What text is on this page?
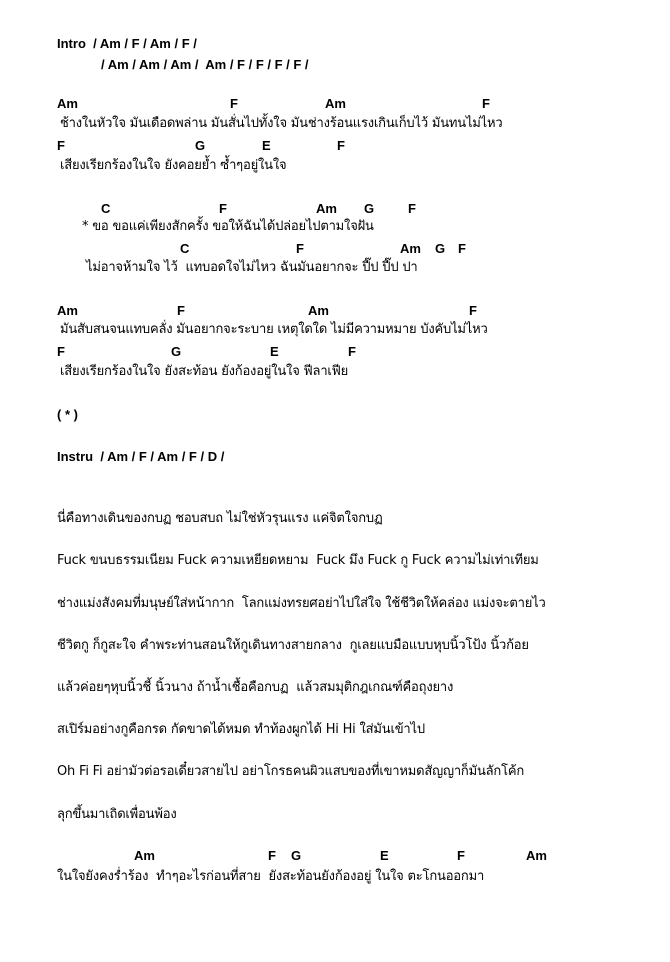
Intro  / Am / F / Am / F /
/ Am / Am / Am /  Am / F / F / F / F /

Am

	F

	Am

	F

ช้างในหัวใจ มันเดือดพล่าน มันสั่นไปทั้งใจ มันช่างร้อนแรงเกินเก็บไว้ มันทนไม่ไหว

F

	G

	E

	F

เสียงเรียกร้องในใจ ยังคอยย้ำ ซ้ำๆอยู่ในใจ

C

	F

	Am

G

	F

* ขอ ขอแค่เพียงสักครั้ง ขอให้ฉันได้ปล่อยไปตามใจฝัน

C

	F

	Am

G

F

ไม่อาจห้ามใจ ไว้  แทบอดใจไม่ไหว ฉันมันอยากจะ ปี๊ป ปี๊ป ปา

Am

	F

	Am

	F

มันสับสนจนแทบคลั่ง มันอยากจะระบาย เหตุใดใด ไม่มีความหมาย บังคับไม่ไหว

F

	G

	E

	F

เสียงเรียกร้องในใจ ยังสะท้อน ยังก้องอยู่ในใจ ฟีลาเฟีย
( * )
Instru  / Am / F / Am / F / D /
นี่คือทางเดินของกบฏ ชอบสบถ ไม่ใช่หัวรุนแรง แค่จิตใจกบฏ
Fuck ขนบธรรมเนียม Fuck ความเหยียดหยาม  Fuck มึง Fuck กู Fuck ความไม่เท่าเทียม
ช่างแม่งสังคมที่มนุษย์ใส่หน้ากาก  โลกแม่งทรยศอย่าไปใส่ใจ ใช้ชีวิตให้คล่อง แม่งจะตายไว
ชีวิตกู ก็กูสะใจ คำพระท่านสอนให้กูเดินทางสายกลาง  กูเลยแบมือแบบหุบนิ้วโป้ง นิ้วก้อย
แล้วค่อยๆหุบนิ้วชี้ นิ้วนาง ถ้าน้ำเชื้อคือกบฏ  แล้วสมมุติกฎเกณฑ์คือถุงยาง
สเปิร์มอย่างกูคือกรด กัดขาดได้หมด ทำท้องผูกได้ Hi Hi ใส่มันเข้าไป
Oh Fi Fi อย่ามัวต่อรอเดี๋ยวสายไป อย่าโกรธคนผิวแสบของที่เขาหมดสัญญาก็มันลักโค้ก
ลุกขึ้นมาเถิดเพื่อนพ้อง

Am

	F

G

	E

	F

	Am

ในใจยังคงร่ำร้อง  ทำๆอะไรก่อนที่สาย  ยังสะท้อนยังก้องอยู่ ในใจ ตะโกนออกมา
